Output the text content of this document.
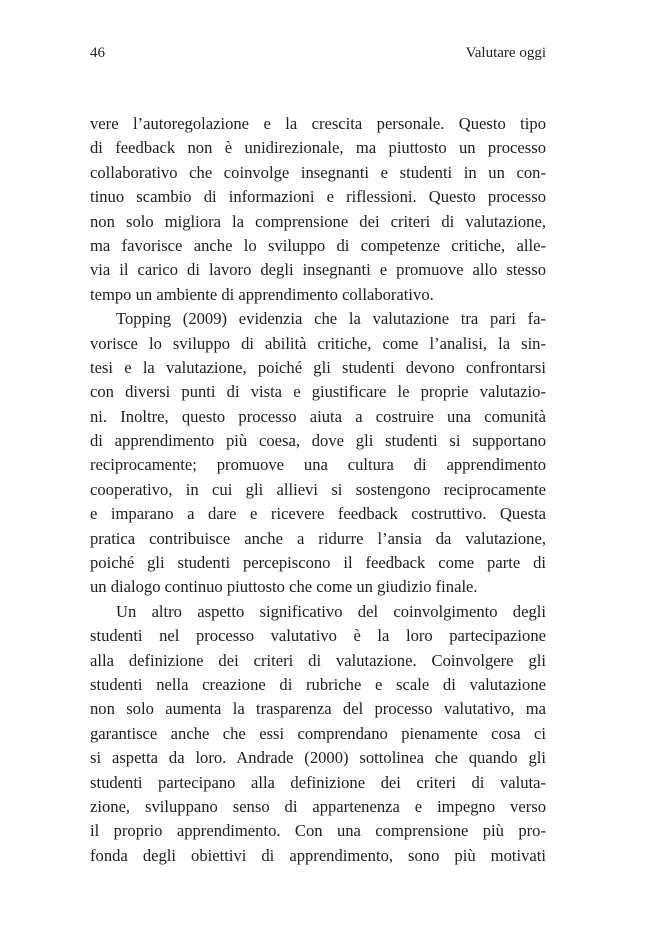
46	Valutare oggi
vere l’autoregolazione e la crescita personale. Questo tipo
di feedback non è unidirezionale, ma piuttosto un processo
collaborativo che coinvolge insegnanti e studenti in un con-
tinuo scambio di informazioni e riflessioni. Questo processo
non solo migliora la comprensione dei criteri di valutazione,
ma favorisce anche lo sviluppo di competenze critiche, alle-
via il carico di lavoro degli insegnanti e promuove allo stesso
tempo un ambiente di apprendimento collaborativo.
Topping (2009) evidenzia che la valutazione tra pari fa-
vorisce lo sviluppo di abilità critiche, come l’analisi, la sin-
tesi e la valutazione, poiché gli studenti devono confrontarsi
con diversi punti di vista e giustificare le proprie valutazio-
ni. Inoltre, questo processo aiuta a costruire una comunità
di apprendimento più coesa, dove gli studenti si supportano
reciprocamente; promuove una cultura di apprendimento
cooperativo, in cui gli allievi si sostengono reciprocamente
e imparano a dare e ricevere feedback costruttivo. Questa
pratica contribuisce anche a ridurre l’ansia da valutazione,
poiché gli studenti percepiscono il feedback come parte di
un dialogo continuo piuttosto che come un giudizio finale.
Un altro aspetto significativo del coinvolgimento degli
studenti nel processo valutativo è la loro partecipazione
alla definizione dei criteri di valutazione. Coinvolgere gli
studenti nella creazione di rubriche e scale di valutazione
non solo aumenta la trasparenza del processo valutativo, ma
garantisce anche che essi comprendano pienamente cosa ci
si aspetta da loro. Andrade (2000) sottolinea che quando gli
studenti partecipano alla definizione dei criteri di valuta-
zione, sviluppano senso di appartenenza e impegno verso
il proprio apprendimento. Con una comprensione più pro-
fonda degli obiettivi di apprendimento, sono più motivati
